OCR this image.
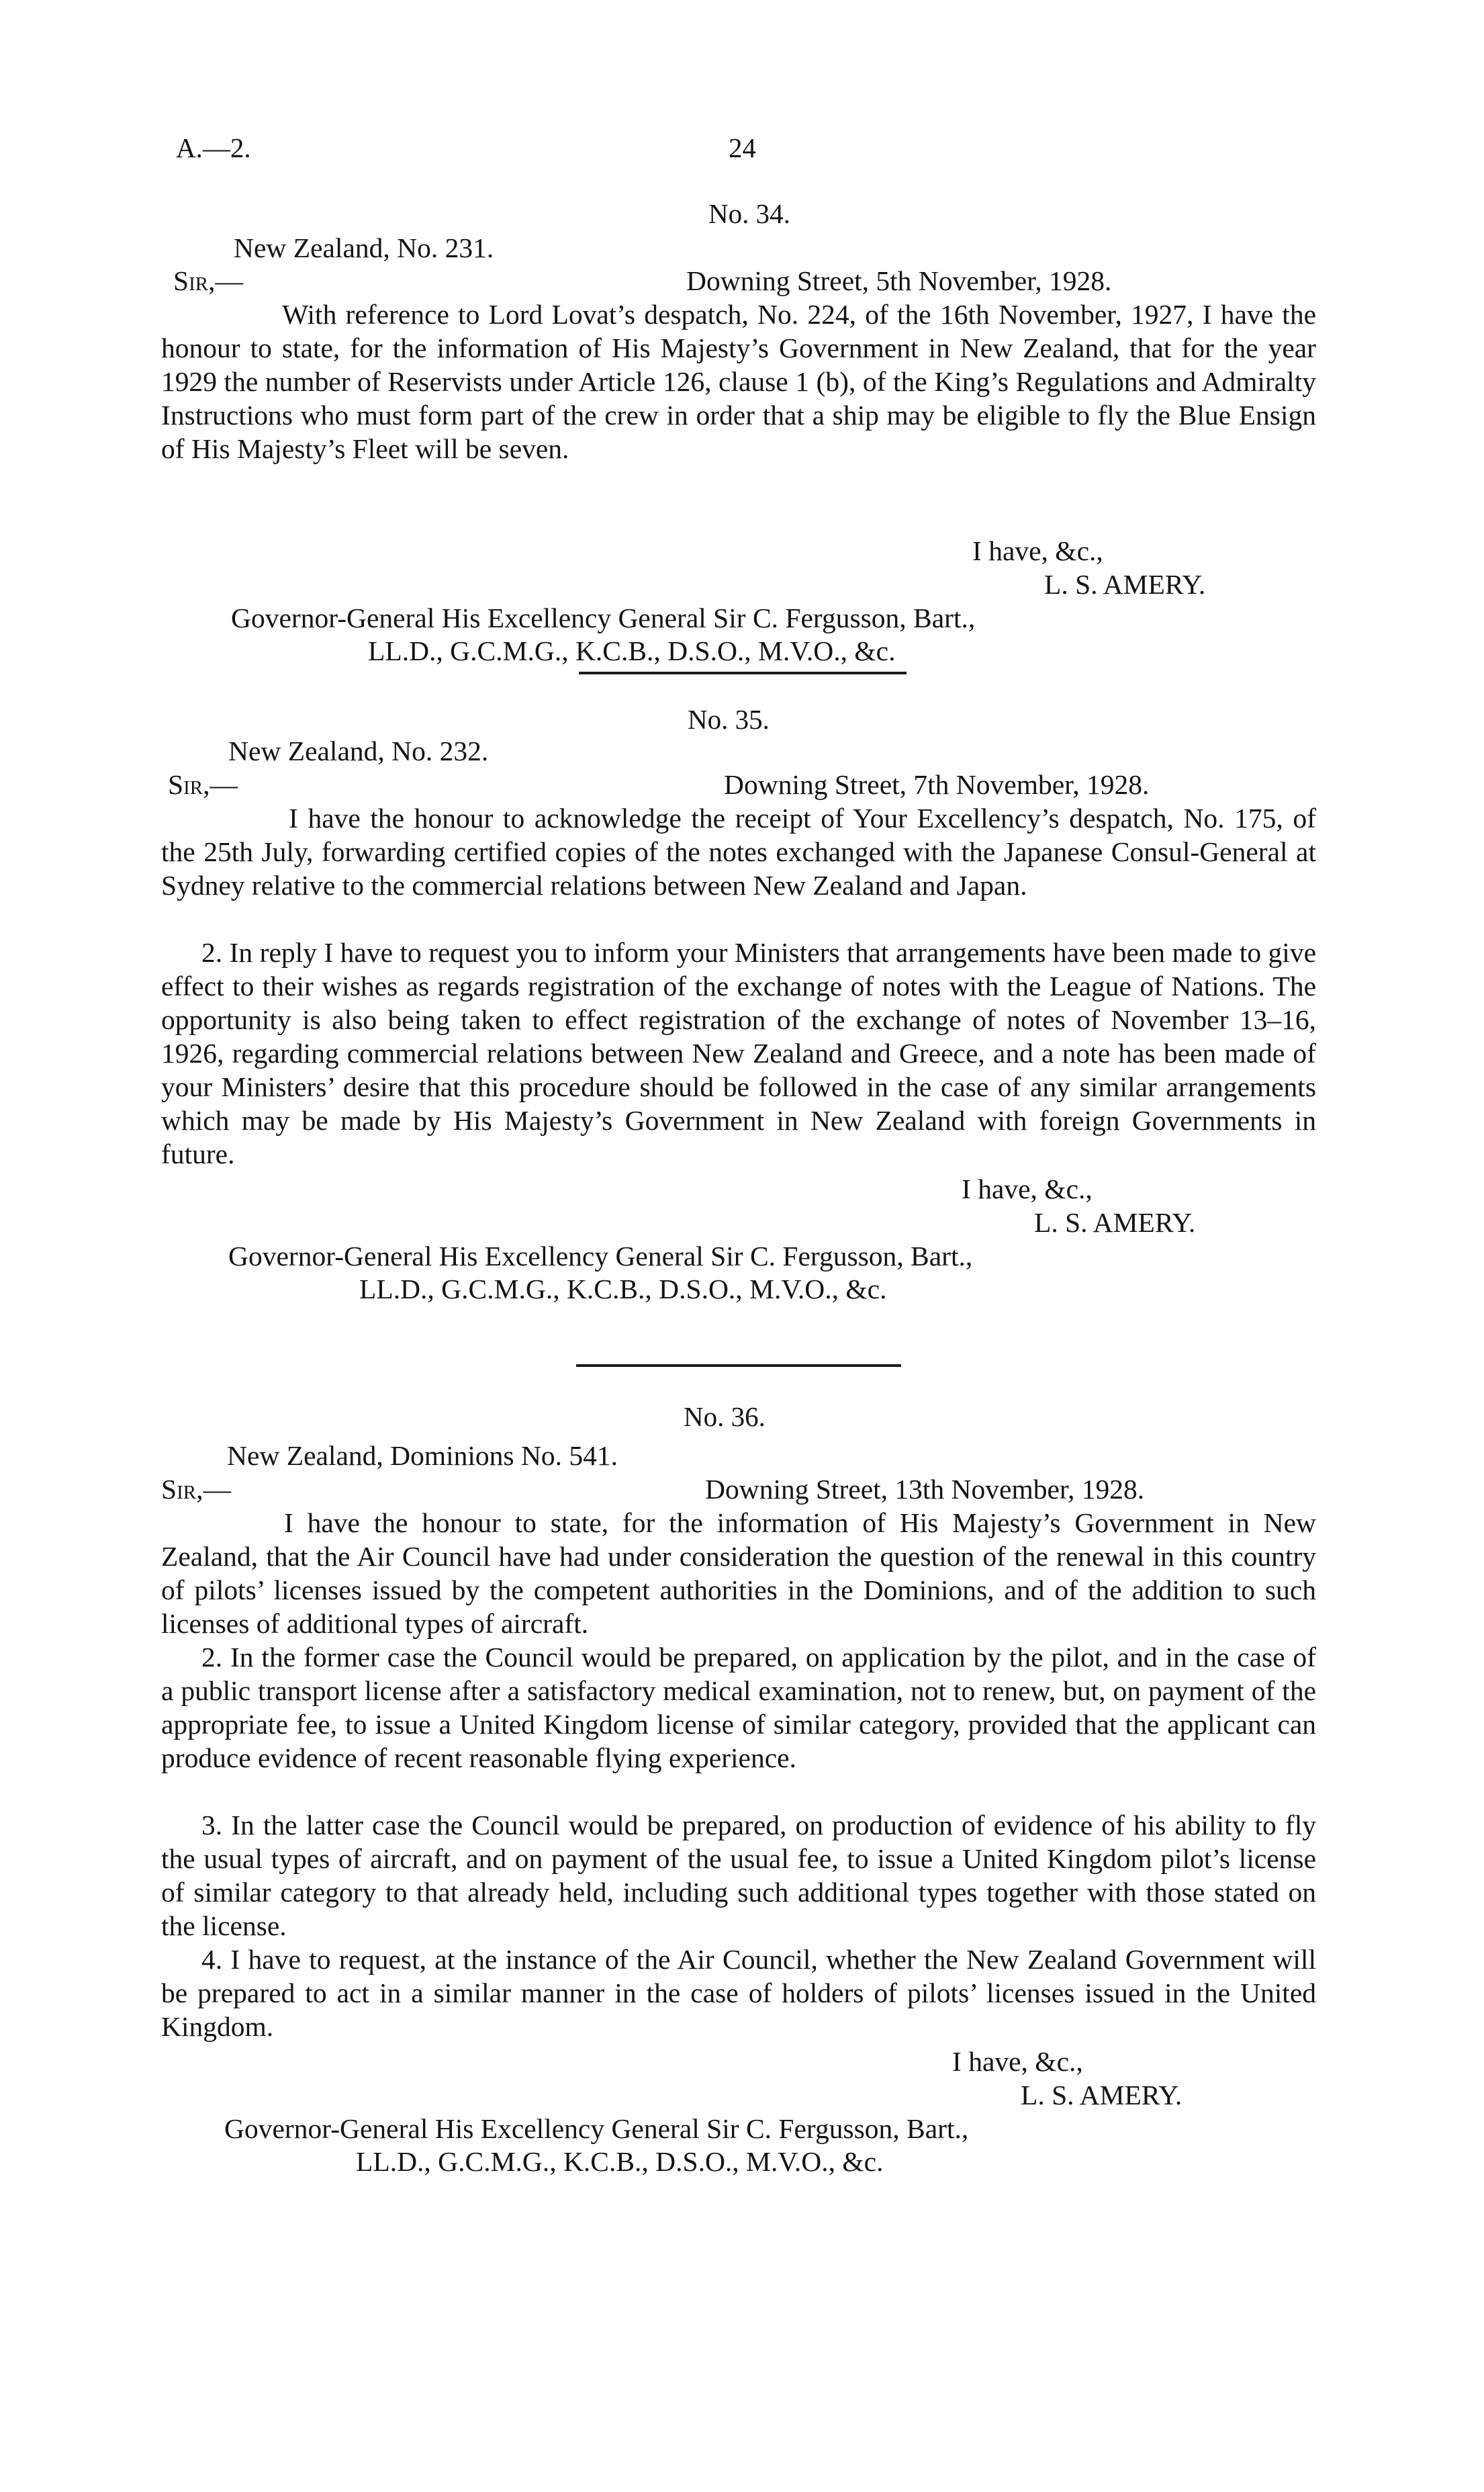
A.—2.	24
No. 34.
New Zealand, No. 231.
Sir,—	Downing Street, 5th November, 1928.
With reference to Lord Lovat’s despatch, No. 224, of the 16th November, 1927, I have the honour to state, for the information of His Majesty’s Government in New Zealand, that for the year 1929 the number of Reservists under Article 126, clause 1 (b), of the King’s Regulations and Admiralty Instructions who must form part of the crew in order that a ship may be eligible to fly the Blue Ensign of His Majesty’s Fleet will be seven.
I have, &c.,
L. S. AMERY.
Governor-General His Excellency General Sir C. Fergusson, Bart.,
LL.D., G.C.M.G., K.C.B., D.S.O., M.V.O., &c.
No. 35.
New Zealand, No. 232.
Sir,—	Downing Street, 7th November, 1928.
I have the honour to acknowledge the receipt of Your Excellency’s despatch, No. 175, of the 25th July, forwarding certified copies of the notes exchanged with the Japanese Consul-General at Sydney relative to the commercial relations between New Zealand and Japan.
2. In reply I have to request you to inform your Ministers that arrangements have been made to give effect to their wishes as regards registration of the exchange of notes with the League of Nations. The opportunity is also being taken to effect registration of the exchange of notes of November 13–16, 1926, regarding commercial relations between New Zealand and Greece, and a note has been made of your Ministers’ desire that this procedure should be followed in the case of any similar arrangements which may be made by His Majesty’s Government in New Zealand with foreign Governments in future.
I have, &c.,
L. S. AMERY.
Governor-General His Excellency General Sir C. Fergusson, Bart.,
LL.D., G.C.M.G., K.C.B., D.S.O., M.V.O., &c.
No. 36.
New Zealand, Dominions No. 541.
Sir,—	Downing Street, 13th November, 1928.
I have the honour to state, for the information of His Majesty’s Government in New Zealand, that the Air Council have had under consideration the question of the renewal in this country of pilots’ licenses issued by the competent authorities in the Dominions, and of the addition to such licenses of additional types of aircraft.
2. In the former case the Council would be prepared, on application by the pilot, and in the case of a public transport license after a satisfactory medical examination, not to renew, but, on payment of the appropriate fee, to issue a United Kingdom license of similar category, provided that the applicant can produce evidence of recent reasonable flying experience.
3. In the latter case the Council would be prepared, on production of evidence of his ability to fly the usual types of aircraft, and on payment of the usual fee, to issue a United Kingdom pilot’s license of similar category to that already held, including such additional types together with those stated on the license.
4. I have to request, at the instance of the Air Council, whether the New Zealand Government will be prepared to act in a similar manner in the case of holders of pilots’ licenses issued in the United Kingdom.
I have, &c.,
L. S. AMERY.
Governor-General His Excellency General Sir C. Fergusson, Bart.,
LL.D., G.C.M.G., K.C.B., D.S.O., M.V.O., &c.
